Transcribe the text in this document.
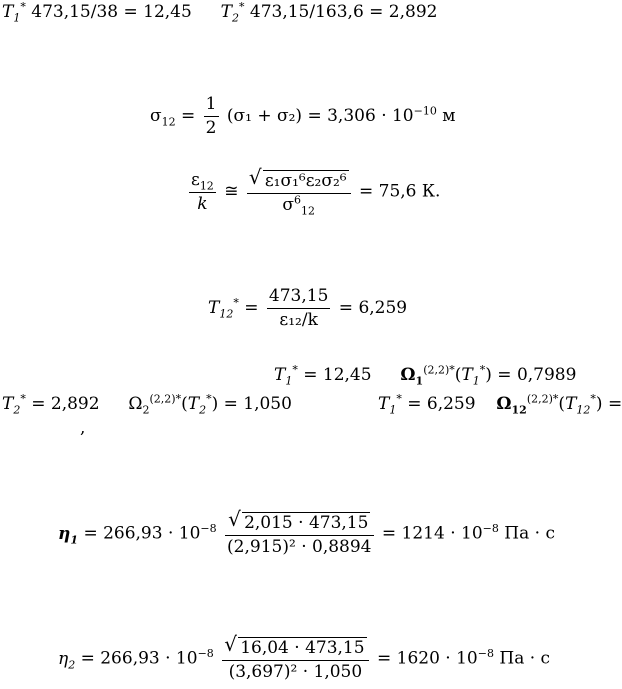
$T_1^*$ 473,15/38 = 12,45 $T_2^*$ 473,15/163,6 = 2,892
$\sigma_{12} = \frac{1}{2} (\sigma_1 + \sigma_2) = 3,306 \cdot 10^{-10}$ м
$\frac{\varepsilon_{12}}{k}$ ≅ $\frac{\text{√ ε₁σ₁⁶ε₂σ₂⁶}}{\sigma^6_{12}} = 75,6$ К.
$T_{12}^* = \frac{473,15}{\text{ε₁₂/k}} = 6,259$
$T_1^* = 12,45$ $\Omega_1^{(2,2)*}(T_1^*) = 0,7989$
$T_2^* = 2,892$ $\Omega_2^{(2,2)*}(T_2^*) = 1,050$	$T_1^* = 6,259$ $\Omega_{12}^{(2,2)*}(T_{12}^*)$ =
,
$\eta_1 = 266,93 \cdot 10^{-8} \frac{√ 2,015 \cdot 473,15}{\text{(2,915)² · 0,8894}} = 1214 \cdot 10^{-8}$ Па · с
$\eta_2 = 266,93 \cdot 10^{-8} \frac{√ 16,04 \cdot 473,15}{\text{(3,697)² · 1,050}} = 1620 \cdot 10^{-8}$ Па · с
